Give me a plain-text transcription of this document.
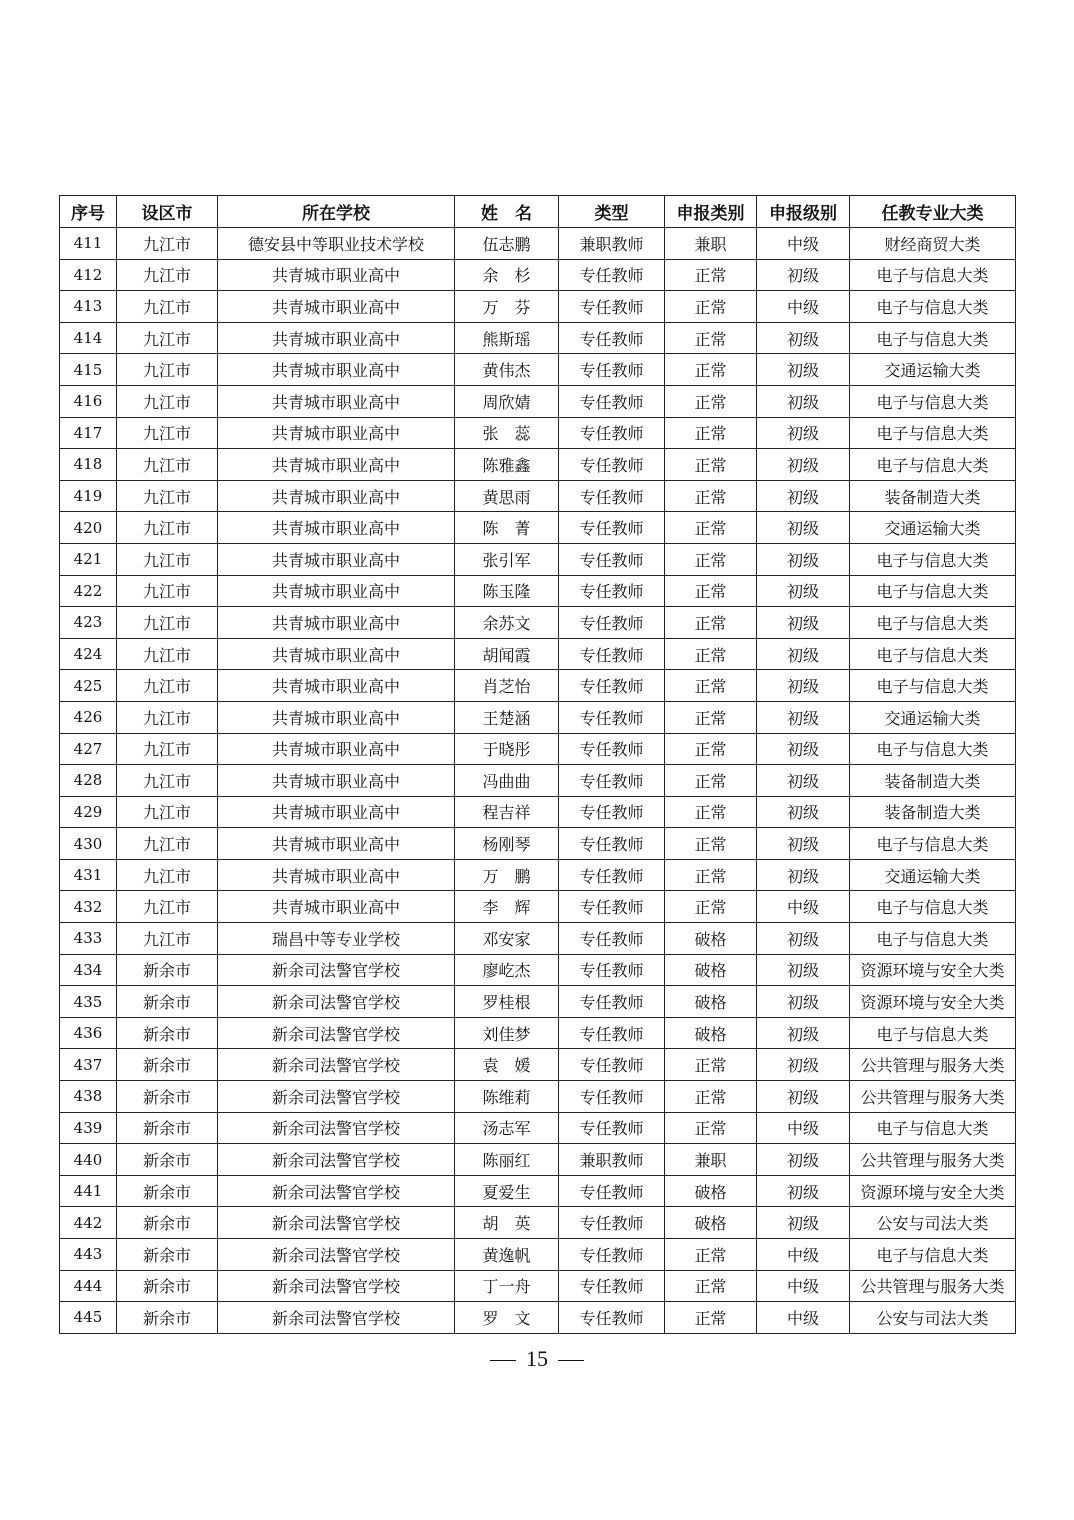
序号	设区市	所在学校	姓　名	类型	申报类别	申报级别	任教专业大类
411	九江市	德安县中等职业技术学校	伍志鹏	兼职教师	兼职	中级	财经商贸大类
412	九江市	共青城市职业高中	余　杉	专任教师	正常	初级	电子与信息大类
413	九江市	共青城市职业高中	万　芬	专任教师	正常	中级	电子与信息大类
414	九江市	共青城市职业高中	熊斯瑶	专任教师	正常	初级	电子与信息大类
415	九江市	共青城市职业高中	黄伟杰	专任教师	正常	初级	交通运输大类
416	九江市	共青城市职业高中	周欣婧	专任教师	正常	初级	电子与信息大类
417	九江市	共青城市职业高中	张　蕊	专任教师	正常	初级	电子与信息大类
418	九江市	共青城市职业高中	陈雅鑫	专任教师	正常	初级	电子与信息大类
419	九江市	共青城市职业高中	黄思雨	专任教师	正常	初级	装备制造大类
420	九江市	共青城市职业高中	陈　菁	专任教师	正常	初级	交通运输大类
421	九江市	共青城市职业高中	张引军	专任教师	正常	初级	电子与信息大类
422	九江市	共青城市职业高中	陈玉隆	专任教师	正常	初级	电子与信息大类
423	九江市	共青城市职业高中	余苏文	专任教师	正常	初级	电子与信息大类
424	九江市	共青城市职业高中	胡闻霞	专任教师	正常	初级	电子与信息大类
425	九江市	共青城市职业高中	肖芝怡	专任教师	正常	初级	电子与信息大类
426	九江市	共青城市职业高中	王楚涵	专任教师	正常	初级	交通运输大类
427	九江市	共青城市职业高中	于晓彤	专任教师	正常	初级	电子与信息大类
428	九江市	共青城市职业高中	冯曲曲	专任教师	正常	初级	装备制造大类
429	九江市	共青城市职业高中	程吉祥	专任教师	正常	初级	装备制造大类
430	九江市	共青城市职业高中	杨刚琴	专任教师	正常	初级	电子与信息大类
431	九江市	共青城市职业高中	万　鹏	专任教师	正常	初级	交通运输大类
432	九江市	共青城市职业高中	李　辉	专任教师	正常	中级	电子与信息大类
433	九江市	瑞昌中等专业学校	邓安家	专任教师	破格	初级	电子与信息大类
434	新余市	新余司法警官学校	廖屹杰	专任教师	破格	初级	资源环境与安全大类
435	新余市	新余司法警官学校	罗桂根	专任教师	破格	初级	资源环境与安全大类
436	新余市	新余司法警官学校	刘佳梦	专任教师	破格	初级	电子与信息大类
437	新余市	新余司法警官学校	袁　媛	专任教师	正常	初级	公共管理与服务大类
438	新余市	新余司法警官学校	陈维莉	专任教师	正常	初级	公共管理与服务大类
439	新余市	新余司法警官学校	汤志军	专任教师	正常	中级	电子与信息大类
440	新余市	新余司法警官学校	陈丽红	兼职教师	兼职	初级	公共管理与服务大类
441	新余市	新余司法警官学校	夏爱生	专任教师	破格	初级	资源环境与安全大类
442	新余市	新余司法警官学校	胡　英	专任教师	破格	初级	公安与司法大类
443	新余市	新余司法警官学校	黄逸帆	专任教师	正常	中级	电子与信息大类
444	新余市	新余司法警官学校	丁一舟	专任教师	正常	中级	公共管理与服务大类
445	新余市	新余司法警官学校	罗　文	专任教师	正常	中级	公安与司法大类
15
